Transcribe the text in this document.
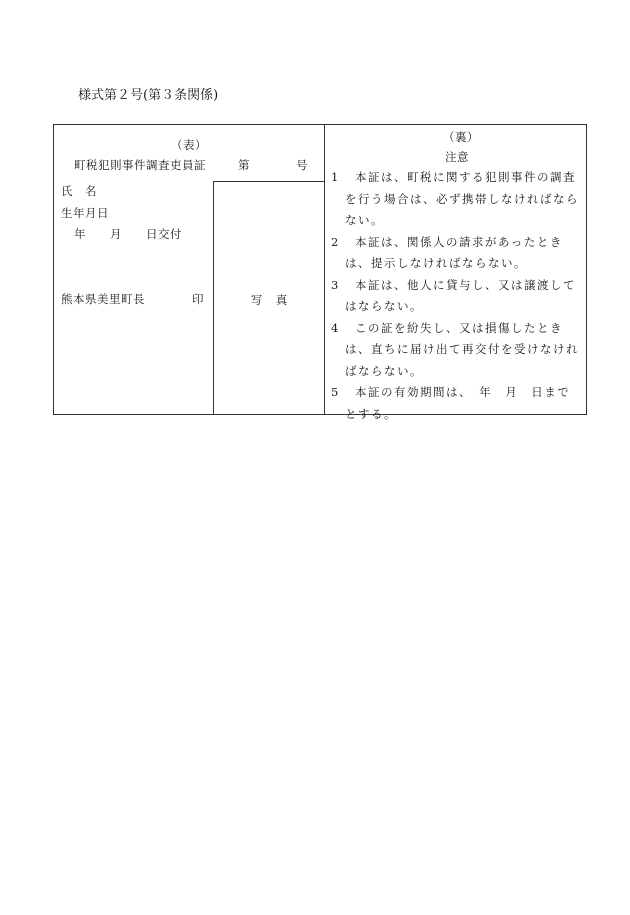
様式第２号(第３条関係)
（表）
町税犯則事件調査吏員証	第	号
氏　名
生年月日
年　　月　　日交付
熊本県美里町長	印	写　真
（裏）
注意
1	本証は、町税に関する犯則事件の調査を行う場合は、必ず携帯しなければならない。
2	本証は、関係人の請求があったときは、提示しなければならない。
3	本証は、他人に貸与し、又は譲渡してはならない。
4	この証を紛失し、又は損傷したときは、直ちに届け出て再交付を受けなければならない。
5	本証の有効期間は、　年　月　日までとする。
